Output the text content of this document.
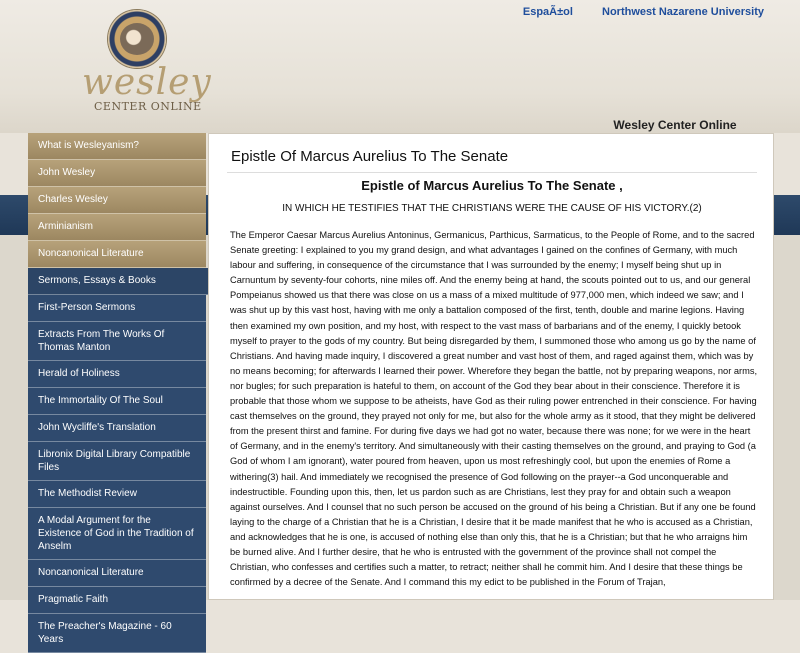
EspaÃ±ol	Northwest Nazarene University
wesley
CENTER ONLINE
Wesley Center Online
What is Wesleyanism?
John Wesley
Charles Wesley
Arminianism
Noncanonical Literature
Sermons, Essays & Books
First-Person Sermons
Extracts From The Works Of Thomas Manton
Herald of Holiness
The Immortality Of The Soul
John Wycliffe's Translation
Libronix Digital Library Compatible Files
The Methodist Review
A Modal Argument for the Existence of God in the Tradition of Anselm
Noncanonical Literature
Pragmatic Faith
The Preacher's Magazine - 60 Years
Epistle Of Marcus Aurelius To The Senate
Epistle of Marcus Aurelius To The Senate ,
IN WHICH HE TESTIFIES THAT THE CHRISTIANS WERE THE CAUSE OF HIS VICTORY.(2)
The Emperor Caesar Marcus Aurelius Antoninus, Germanicus, Parthicus, Sarmaticus, to the People of Rome, and to the sacred Senate greeting: I explained to you my grand design, and what advantages I gained on the confines of Germany, with much labour and suffering, in consequence of the circumstance that I was surrounded by the enemy; I myself being shut up in Carnuntum by seventy-four cohorts, nine miles off. And the enemy being at hand, the scouts pointed out to us, and our general Pompeianus showed us that there was close on us a mass of a mixed multitude of 977,000 men, which indeed we saw; and I was shut up by this vast host, having with me only a battalion composed of the first, tenth, double and marine legions. Having then examined my own position, and my host, with respect to the vast mass of barbarians and of the enemy, I quickly betook myself to prayer to the gods of my country. But being disregarded by them, I summoned those who among us go by the name of Christians. And having made inquiry, I discovered a great number and vast host of them, and raged against them, which was by no means becoming; for afterwards I learned their power. Wherefore they began the battle, not by preparing weapons, nor arms, nor bugles; for such preparation is hateful to them, on account of the God they bear about in their conscience. Therefore it is probable that those whom we suppose to be atheists, have God as their ruling power entrenched in their conscience. For having cast themselves on the ground, they prayed not only for me, but also for the whole army as it stood, that they might be delivered from the present thirst and famine. For during five days we had got no water, because there was none; for we were in the heart of Germany, and in the enemy's territory. And simultaneously with their casting themselves on the ground, and praying to God (a God of whom I am ignorant), water poured from heaven, upon us most refreshingly cool, but upon the enemies of Rome a withering(3) hail. And immediately we recognised the presence of God following on the prayer--a God unconquerable and indestructible. Founding upon this, then, let us pardon such as are Christians, lest they pray for and obtain such a weapon against ourselves. And I counsel that no such person be accused on the ground of his being a Christian. But if any one be found laying to the charge of a Christian that he is a Christian, I desire that it be made manifest that he who is accused as a Christian, and acknowledges that he is one, is accused of nothing else than only this, that he is a Christian; but that he who arraigns him be burned alive. And I further desire, that he who is entrusted with the government of the province shall not compel the Christian, who confesses and certifies such a matter, to retract; neither shall he commit him. And I desire that these things be confirmed by a decree of the Senate. And I command this my edict to be published in the Forum of Trajan,
